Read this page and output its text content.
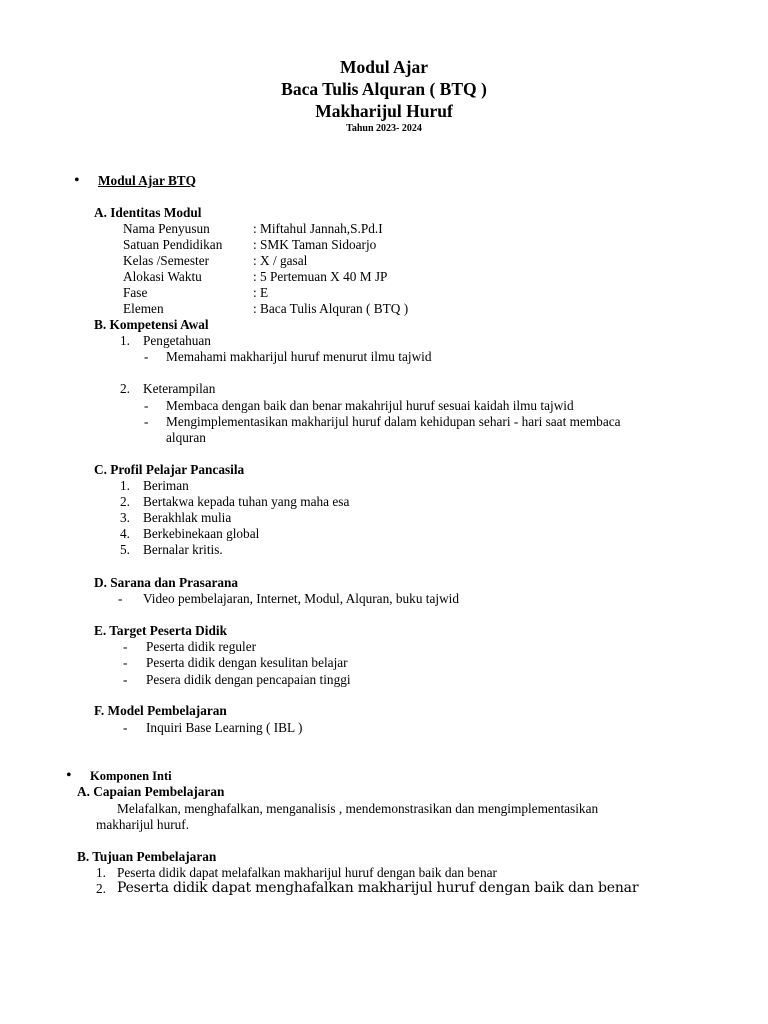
Modul Ajar
Baca Tulis Alquran ( BTQ )
Makharijul Huruf
Tahun 2023- 2024
• Modul Ajar BTQ
A. Identitas Modul
Nama Penyusun	: Miftahul Jannah,S.Pd.I
Satuan Pendidikan : SMK Taman Sidoarjo
Kelas /Semester	: X / gasal
Alokasi Waktu	: 5 Pertemuan X 40 M JP
Fase	: E
Elemen	: Baca Tulis Alquran ( BTQ )
B. Kompetensi Awal
1. Pengetahuan
- Memahami makharijul huruf menurut ilmu tajwid
2. Keterampilan
- Membaca dengan baik dan benar makahrijul huruf sesuai kaidah ilmu tajwid
- Mengimplementasikan makharijul huruf dalam kehidupan sehari - hari saat membaca
alquran
C. Profil Pelajar Pancasila
1. Beriman
2. Bertakwa kepada tuhan yang maha esa
3. Berakhlak mulia
4. Berkebinekaan global
5. Bernalar kritis.
D. Sarana dan Prasarana
- Video pembelajaran, Internet, Modul, Alquran, buku tajwid
E. Target Peserta Didik
- Peserta didik reguler
- Peserta didik dengan kesulitan belajar
- Pesera didik dengan pencapaian tinggi
F. Model Pembelajaran
- Inquiri Base Learning ( IBL )
• Komponen Inti
A. Capaian Pembelajaran
Melafalkan, menghafalkan, menganalisis , mendemonstrasikan dan mengimplementasikan
makharijul huruf.
B. Tujuan Pembelajaran
1. Peserta didik dapat melafalkan makharijul huruf dengan baik dan benar
2. Peserta didik dapat menghafalkan makharijul huruf dengan baik dan benar
